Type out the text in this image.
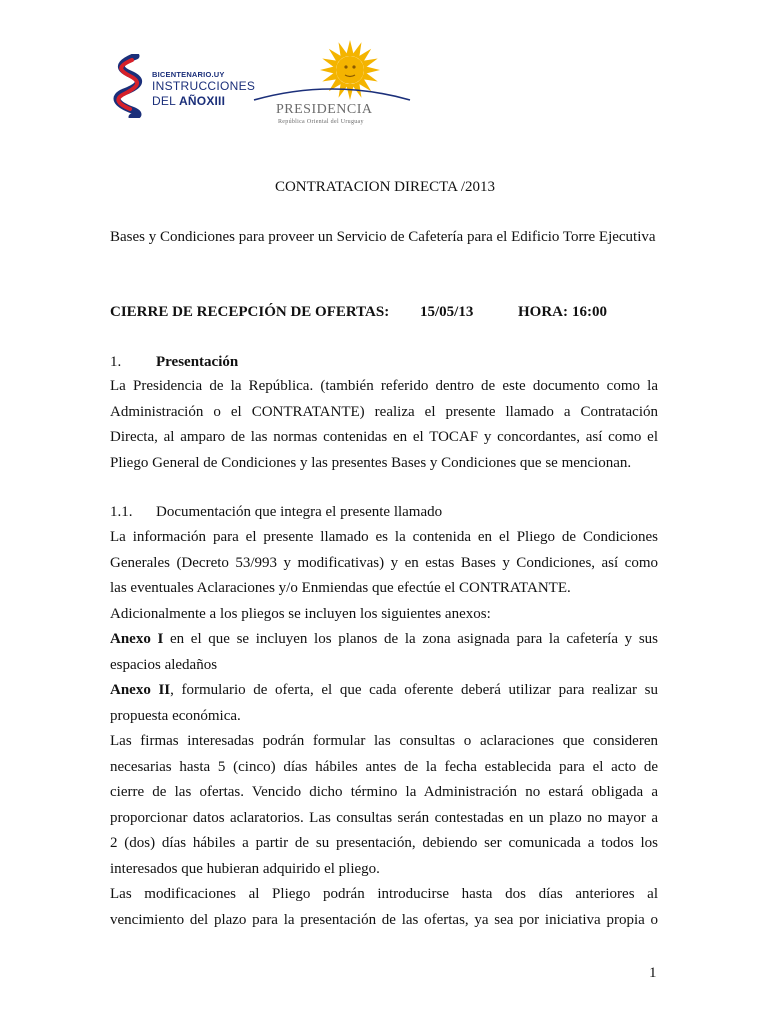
BICENTENARIO.UY
INSTRUCCIONES
DEL AÑOXIII
PRESIDENCIA
República Oriental del Uruguay
CONTRATACION DIRECTA /2013
Bases y Condiciones para proveer un Servicio de Cafetería para el Edificio Torre Ejecutiva
CIERRE DE RECEPCIÓN DE OFERTAS: 15/05/13	HORA: 16:00
1. Presentación
La Presidencia de la República. (también referido dentro de este documento como la
Administración o el CONTRATANTE) realiza el presente llamado a Contratación
Directa, al amparo de las normas contenidas en el TOCAF y concordantes, así como el
Pliego General de Condiciones y las presentes Bases y Condiciones que se mencionan.
1.1. Documentación que integra el presente llamado
La información para el presente llamado es la contenida en el Pliego de Condiciones
Generales (Decreto 53/993 y modificativas) y en estas Bases y Condiciones, así como
las eventuales Aclaraciones y/o Enmiendas que efectúe el CONTRATANTE.
Adicionalmente a los pliegos se incluyen los siguientes anexos:
Anexo I en el que se incluyen los planos de la zona asignada para la cafetería y sus
espacios aledaños
Anexo II, formulario de oferta, el que cada oferente deberá utilizar para realizar su
propuesta económica.
Las firmas interesadas podrán formular las consultas o aclaraciones que consideren
necesarias hasta 5 (cinco) días hábiles antes de la fecha establecida para el acto de
cierre de las ofertas. Vencido dicho término la Administración no estará obligada a
proporcionar datos aclaratorios. Las consultas serán contestadas en un plazo no mayor a
2 (dos) días hábiles a partir de su presentación, debiendo ser comunicada a todos los
interesados que hubieran adquirido el pliego.
Las modificaciones al Pliego podrán introducirse hasta dos días anteriores al
vencimiento del plazo para la presentación de las ofertas, ya sea por iniciativa propia o
1
